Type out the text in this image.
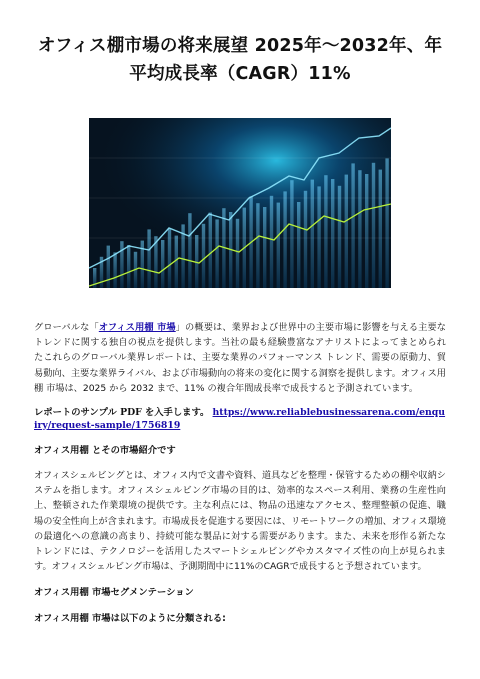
オフィス棚市場の将来展望 2025年〜2032年、年平均成長率（CAGR）11%

グローバルな「オフィス用棚 市場」の概要は、業界および世界中の主要市場に影響を与える主要なトレンドに関する独自の視点を提供します。当社の最も経験豊富なアナリストによってまとめられたこれらのグローバル業界レポートは、主要な業界のパフォーマンス トレンド、需要の原動力、貿易動向、主要な業界ライバル、および市場動向の将来の変化に関する洞察を提供します。オフィス用棚 市場は、2025 から 2032 まで、11% の複合年間成長率で成長すると予測されています。

レポートのサンプル PDF を入手します。 https://www.reliablebusinessarena.com/enquiry/request-sample/1756819

オフィス用棚 とその市場紹介です

オフィスシェルビングとは、オフィス内で文書や資料、道具などを整理・保管するための棚や収納システムを指します。オフィスシェルビング市場の目的は、効率的なスペース利用、業務の生産性向上、整頓された作業環境の提供です。主な利点には、物品の迅速なアクセス、整理整頓の促進、職場の安全性向上が含まれます。市場成長を促進する要因には、リモートワークの増加、オフィス環境の最適化への意識の高まり、持続可能な製品に対する需要があります。また、未来を形作る新たなトレンドには、テクノロジーを活用したスマートシェルビングやカスタマイズ性の向上が見られます。オフィスシェルビング市場は、予測期間中に11%のCAGRで成長すると予想されています。

オフィス用棚 市場セグメンテーション
オフィス用棚 市場は以下のように分類される:
